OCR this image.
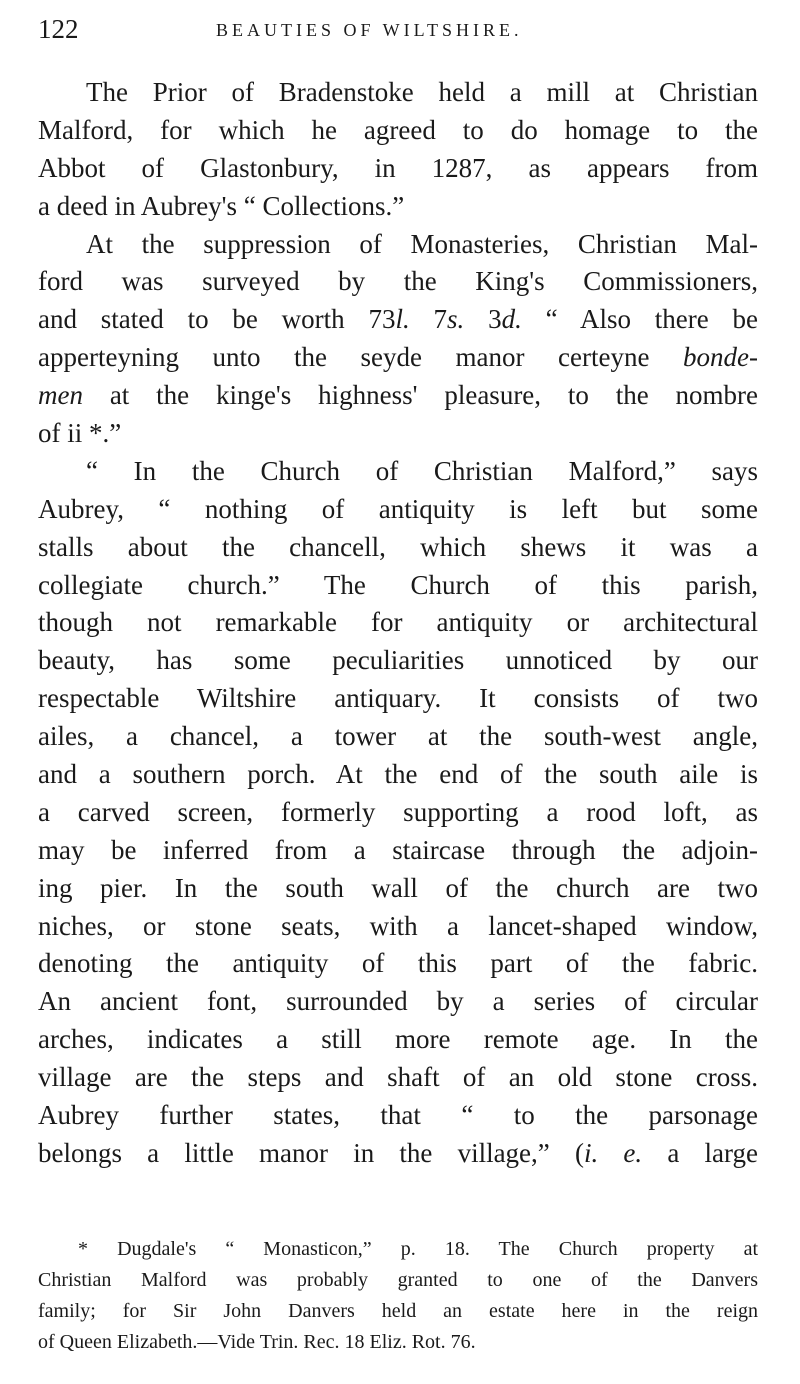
122	BEAUTIES OF WILTSHIRE.
The Prior of Bradenstoke held a mill at Christian
Malford, for which he agreed to do homage to the
Abbot of Glastonbury, in 1287, as appears from
a deed in Aubrey's “ Collections.”
At the suppression of Monasteries, Christian Mal-
ford was surveyed by the King's Commissioners,
and stated to be worth 73l. 7s. 3d. “ Also there be
apperteyning unto the seyde manor certeyne bonde-
men at the kinge's highness' pleasure, to the nombre
of ii *.”
“ In the Church of Christian Malford,” says
Aubrey, “ nothing of antiquity is left but some
stalls about the chancell, which shews it was a
collegiate church.” The Church of this parish,
though not remarkable for antiquity or architectural
beauty, has some peculiarities unnoticed by our
respectable Wiltshire antiquary. It consists of two
ailes, a chancel, a tower at the south-west angle,
and a southern porch. At the end of the south aile is
a carved screen, formerly supporting a rood loft, as
may be inferred from a staircase through the adjoin-
ing pier. In the south wall of the church are two
niches, or stone seats, with a lancet-shaped window,
denoting the antiquity of this part of the fabric.
An ancient font, surrounded by a series of circular
arches, indicates a still more remote age. In the
village are the steps and shaft of an old stone cross.
Aubrey further states, that “ to the parsonage
belongs a little manor in the village,” (i. e. a large
* Dugdale's “ Monasticon,” p. 18. The Church property at
Christian Malford was probably granted to one of the Danvers
family; for Sir John Danvers held an estate here in the reign
of Queen Elizabeth.—Vide Trin. Rec. 18 Eliz. Rot. 76.
